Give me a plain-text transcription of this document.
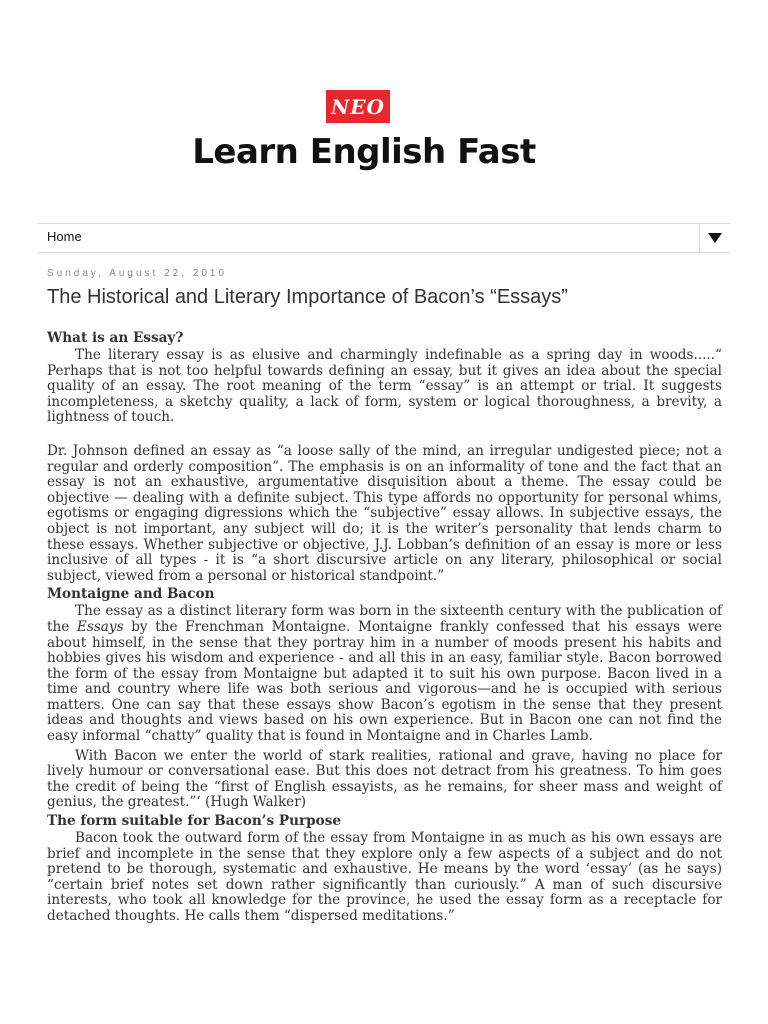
NEO
Learn English Fast
Home
Sunday, August 22, 2010
The Historical and Literary Importance of Bacon’s “Essays”
What is an Essay?

The literary essay is as elusive and charmingly indefinable as a spring day in woods.....“ Perhaps that is not too helpful towards defining an essay, but it gives an idea about the special quality of an essay. The root meaning of the term “essay” is an attempt or trial. It suggests incompleteness, a sketchy quality, a lack of form, system or logical thoroughness, a brevity, a lightness of touch.

Dr. Johnson defined an essay as “a loose sally of the mind, an irregular undigested piece; not a regular and orderly composition”. The emphasis is on an informality of tone and the fact that an essay is not an exhaustive, argumentative disquisition about a theme. The essay could be objective — dealing with a definite subject. This type affords no opportunity for personal whims, egotisms or engaging digressions which the “subjective” essay allows. In subjective essays, the object is not important, any subject will do; it is the writer’s personality that lends charm to these essays. Whether subjective or objective, J.J. Lobban’s definition of an essay is more or less inclusive of all types - it is “a short discursive article on any literary, philosophical or social subject, viewed from a personal or historical standpoint.”

Montaigne and Bacon

The essay as a distinct literary form was born in the sixteenth century with the publication of the Essays by the Frenchman Montaigne. Montaigne frankly confessed that his essays were about himself, in the sense that they portray him in a number of moods present his habits and hobbies gives his wisdom and experience - and all this in an easy, familiar style. Bacon borrowed the form of the essay from Montaigne but adapted it to suit his own purpose. Bacon lived in a time and country where life was both serious and vigorous—and he is occupied with serious matters. One can say that these essays show Bacon’s egotism in the sense that they present ideas and thoughts and views based on his own experience. But in Bacon one can not find the easy informal “chatty” quality that is found in Montaigne and in Charles Lamb.

With Bacon we enter the world of stark realities, rational and grave, having no place for lively humour or conversational ease. But this does not detract from his greatness. To him goes the credit of being the “first of English essayists, as he remains, for sheer mass and weight of genius, the greatest.”‘ (Hugh Walker)

The form suitable for Bacon’s Purpose

Bacon took the outward form of the essay from Montaigne in as much as his own essays are brief and incomplete in the sense that they explore only a few aspects of a subject and do not pretend to be thorough, systematic and exhaustive. He means by the word ‘essay’ (as he says) “certain brief notes set down rather significantly than curiously.” A man of such discursive interests, who took all knowledge for the province, he used the essay form as a receptacle for detached thoughts. He calls them “dispersed meditations.”
